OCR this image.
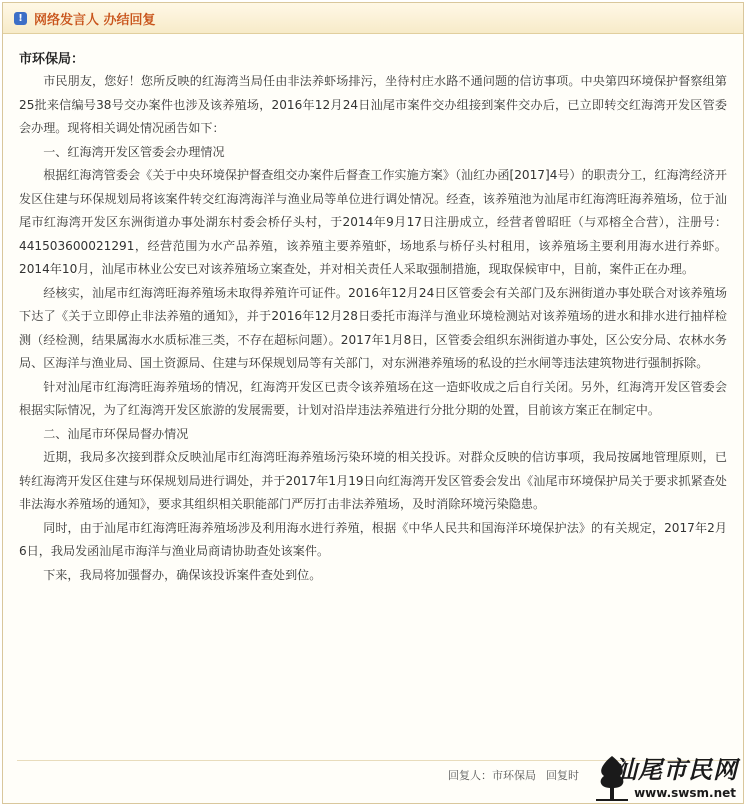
! 网络发言人 办结回复
市环保局：

市民朋友，您好！您所反映的红海湾当局任由非法养虾场排污，坐待村庄水路不通问题的信访事项。中央第四环境保护督察组第25批来信编号38号交办案件也涉及该养殖场，2016年12月24日汕尾市案件交办组接到案件交办后，已立即转交红海湾开发区管委会办理。现将相关调处情况函告如下：

一、红海湾开发区管委会办理情况

根据红海湾管委会《关于中央环境保护督查组交办案件后督查工作实施方案》（汕红办函[2017]4号）的职责分工，红海湾经济开发区住建与环保规划局将该案件转交红海湾海洋与渔业局等单位进行调处情况。经查，该养殖池为汕尾市红海湾旺海养殖场，位于汕尾市红海湾开发区东洲街道办事处湖东村委会桥仔头村，于2014年9月17日注册成立，经营者曾昭旺（与邓榕全合营），注册号：441503600021291，经营范围为水产品养殖，该养殖主要养殖虾，场地系与桥仔头村租用，该养殖场主要利用海水进行养虾。2014年10月，汕尾市林业公安已对该养殖场立案查处，并对相关责任人采取强制措施，现取保候审中，目前，案件正在办理。

经核实，汕尾市红海湾旺海养殖场未取得养殖许可证件。2016年12月24日区管委会有关部门及东洲街道办事处联合对该养殖场下达了《关于立即停止非法养殖的通知》，并于2016年12月28日委托市海洋与渔业环境检测站对该养殖场的进水和排水进行抽样检测（经检测，结果属海水水质标准三类，不存在超标问题）。2017年1月8日，区管委会组织东洲街道办事处，区公安分局、农林水务局、区海洋与渔业局、国土资源局、住建与环保规划局等有关部门，对东洲港养殖场的私设的拦水闸等违法建筑物进行强制拆除。

针对汕尾市红海湾旺海养殖场的情况，红海湾开发区已责令该养殖场在这一造虾收成之后自行关闭。另外，红海湾开发区管委会根据实际情况，为了红海湾开发区旅游的发展需要，计划对沿岸违法养殖进行分批分期的处置，目前该方案正在制定中。

二、汕尾市环保局督办情况

近期，我局多次接到群众反映汕尾市红海湾旺海养殖场污染环境的相关投诉。对群众反映的信访事项，我局按属地管理原则，已转红海湾开发区住建与环保规划局进行调处，并于2017年1月19日向红海湾开发区管委会发出《汕尾市环境保护局关于要求抓紧查处非法海水养殖场的通知》，要求其组织相关职能部门严厉打击非法养殖场，及时消除环境污染隐患。

同时，由于汕尾市红海湾旺海养殖场涉及利用海水进行养殖，根据《中华人民共和国海洋环境保护法》的有关规定，2017年2月6日，我局发函汕尾市海洋与渔业局商请协助查处该案件。

下来，我局将加强督办，确保该投诉案件查处到位。

回复人：市环保局 回复时 汕尾市民网
www.swsm.net
